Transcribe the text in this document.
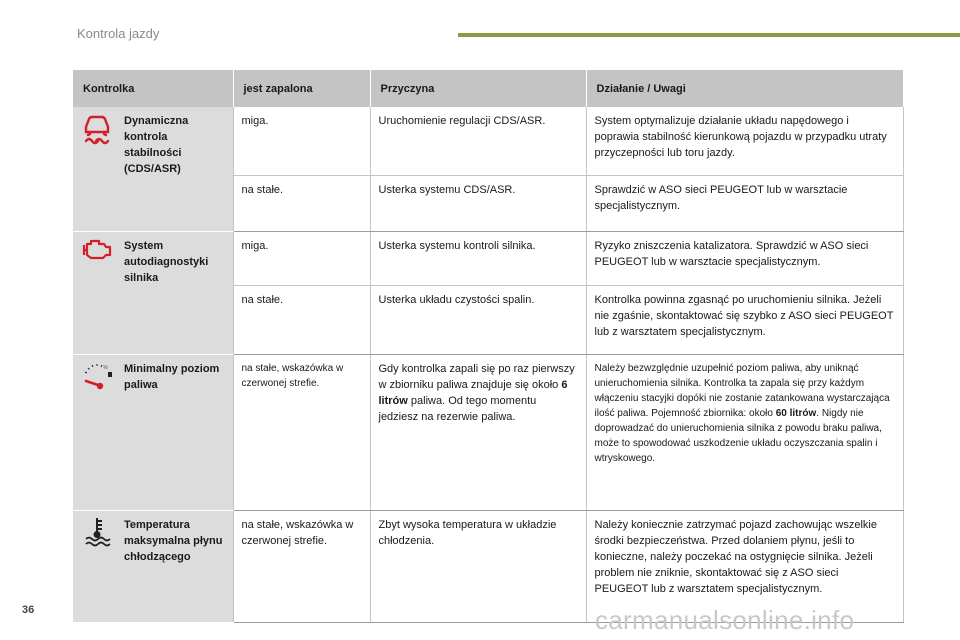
Kontrola jazdy
Kontrolka		jest zapalona	Przyczyna	Działanie / Uwagi

	Dynamiczna kontrola stabilności (CDS/ASR)	miga.	Uruchomienie regulacji CDS/ASR.	System optymalizuje działanie układu napędowego i poprawia stabilność kierunkową pojazdu w przypadku utraty przyczepności lub toru jazdy.
		na stałe.	Usterka systemu CDS/ASR.	Sprawdzić w ASO sieci PEUGEOT lub w warsztacie specjalistycznym.

	System autodiagnostyki silnika	miga.	Usterka systemu kontroli silnika.	Ryzyko zniszczenia katalizatora. Sprawdzić w ASO sieci PEUGEOT lub w warsztacie specjalistycznym.
		na stałe.	Usterka układu czystości spalin.	Kontrolka powinna zgasnąć po uruchomieniu silnika. Jeżeli nie zgaśnie, skontaktować się szybko z ASO sieci PEUGEOT lub z warsztatem specjalistycznym.

½	Minimalny poziom paliwa	na stałe, wskazówka w czerwonej strefie.	Gdy kontrolka zapali się po raz pierwszy w zbiorniku paliwa znajduje się około 6 litrów paliwa. Od tego momentu jedziesz na rezerwie paliwa.	Należy bezwzględnie uzupełnić poziom paliwa, aby uniknąć unieruchomienia silnika. Kontrolka ta zapala się przy każdym włączeniu stacyjki dopóki nie zostanie zatankowana wystarczająca ilość paliwa. Pojemność zbiornika: około 60 litrów. Nigdy nie doprowadzać do unieruchomienia silnika z powodu braku paliwa, może to spowodować uszkodzenie układu oczyszczania spalin i wtryskowego.

	Temperatura maksymalna płynu chłodzącego	na stałe, wskazówka w czerwonej strefie.	Zbyt wysoka temperatura w układzie chłodzenia.	Należy koniecznie zatrzymać pojazd zachowując wszelkie środki bezpieczeństwa. Przed dolaniem płynu, jeśli to konieczne, należy poczekać na ostygnięcie silnika. Jeżeli problem nie zniknie, skontaktować się z ASO sieci PEUGEOT lub z warsztatem specjalistycznym.
36	carmanualsonline.info
